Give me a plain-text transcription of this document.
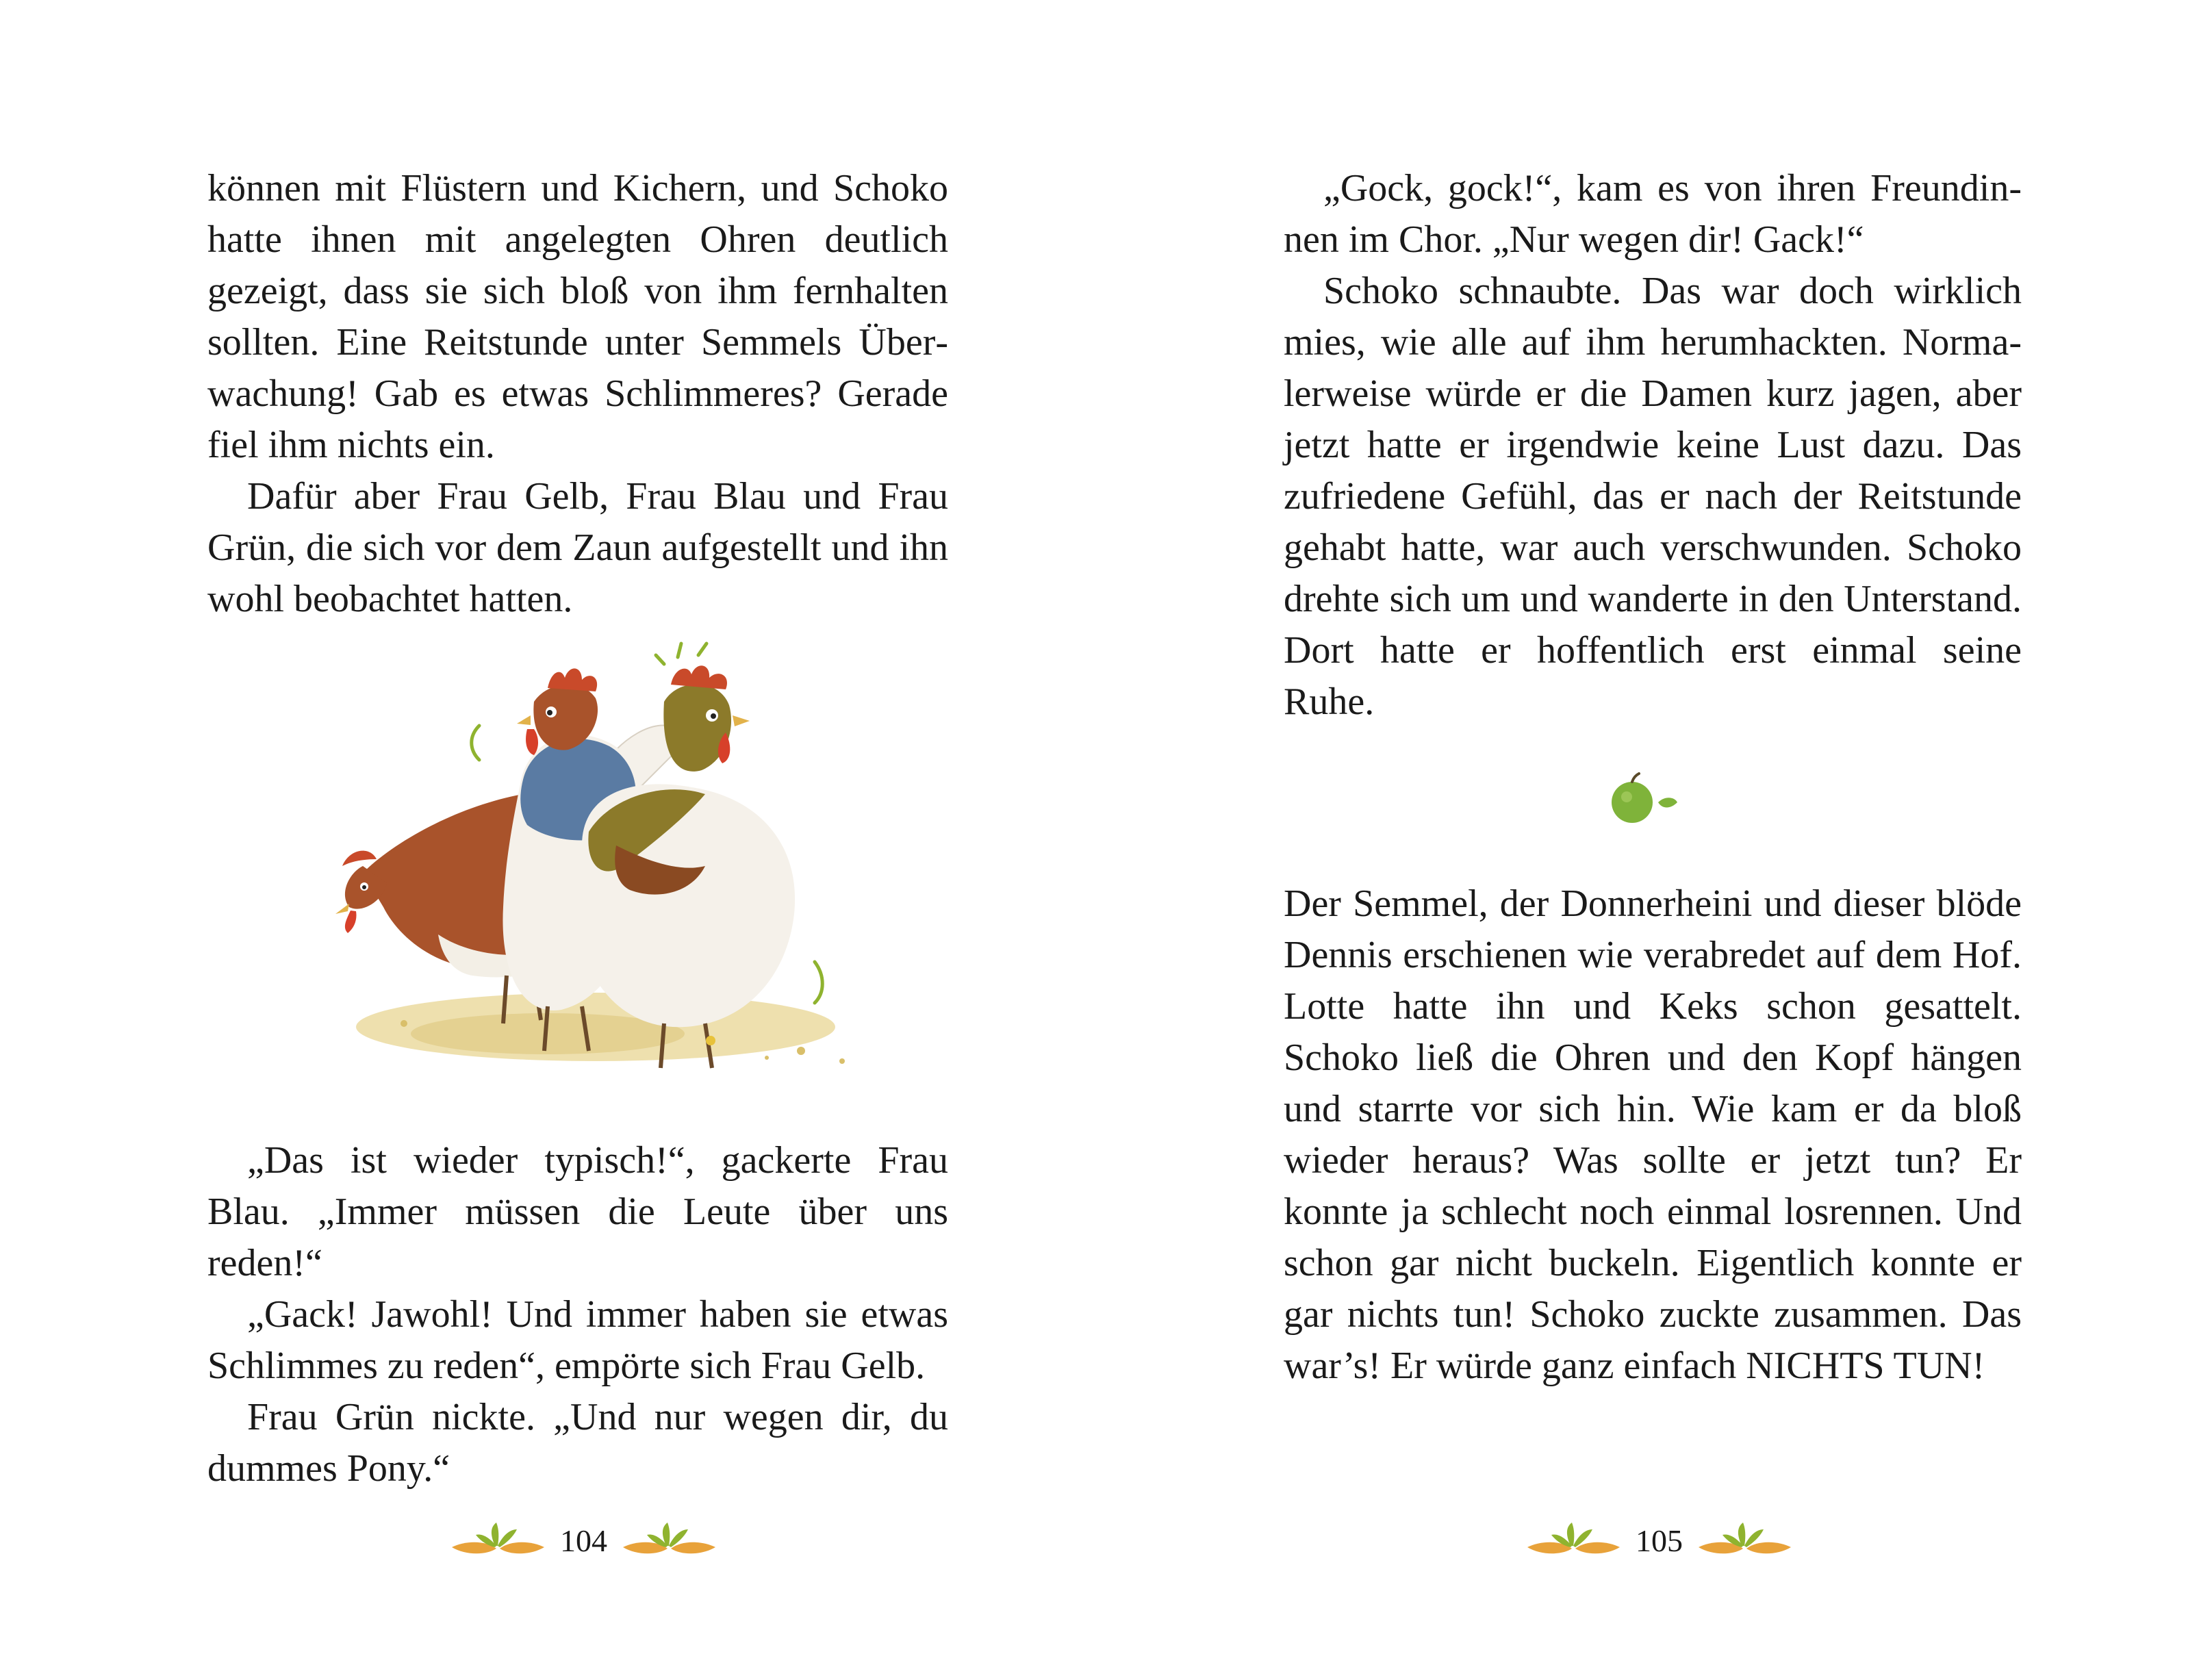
können mit Flüstern und Kichern, und Schoko hatte ihnen mit angelegten Ohren deutlich gezeigt, dass sie sich bloß von ihm fernhalten sollten. Eine Reitstunde unter Semmels Überwachung! Gab es etwas Schlimmeres? Gerade fiel ihm nichts ein.

Dafür aber Frau Gelb, Frau Blau und Frau Grün, die sich vor dem Zaun aufgestellt und ihn wohl beobachtet hatten.

„Das ist wieder typisch!“, gackerte Frau Blau. „Immer müssen die Leute über uns reden!“

„Gack! Jawohl! Und immer haben sie etwas Schlimmes zu reden“, empörte sich Frau Gelb.

Frau Grün nickte. „Und nur wegen dir, du dummes Pony.“

104

„Gock, gock!“, kam es von ihren Freundinnen im Chor. „Nur wegen dir! Gack!“

Schoko schnaubte. Das war doch wirklich mies, wie alle auf ihm herumhackten. Normalerweise würde er die Damen kurz jagen, aber jetzt hatte er irgendwie keine Lust dazu. Das zufriedene Gefühl, das er nach der Reitstunde gehabt hatte, war auch verschwunden. Schoko drehte sich um und wanderte in den Unterstand. Dort hatte er hoffentlich erst einmal seine Ruhe.

Der Semmel, der Donnerheini und dieser blöde Dennis erschienen wie verabredet auf dem Hof. Lotte hatte ihn und Keks schon gesattelt. Schoko ließ die Ohren und den Kopf hängen und starrte vor sich hin. Wie kam er da bloß wieder heraus? Was sollte er jetzt tun? Er konnte ja schlecht noch einmal losrennen. Und schon gar nicht buckeln. Eigentlich konnte er gar nichts tun! Schoko zuckte zusammen. Das war’s! Er würde ganz einfach NICHTS TUN!

105
